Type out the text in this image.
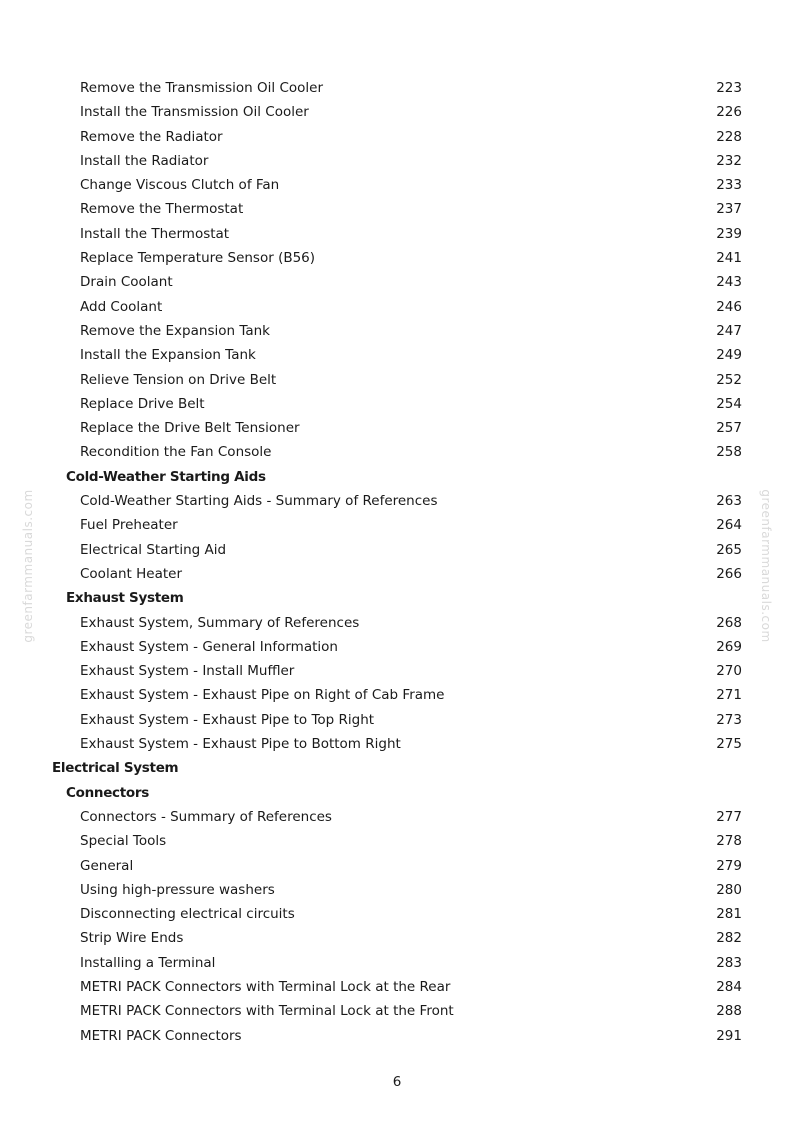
Remove the Transmission Oil Cooler	223
Install the Transmission Oil Cooler	226
Remove the Radiator	228
Install the Radiator	232
Change Viscous Clutch of Fan	233
Remove the Thermostat	237
Install the Thermostat	239
Replace Temperature Sensor (B56)	241
Drain Coolant	243
Add Coolant	246
Remove the Expansion Tank	247
Install the Expansion Tank	249
Relieve Tension on Drive Belt	252
Replace Drive Belt	254
Replace the Drive Belt Tensioner	257
Recondition the Fan Console	258
Cold-Weather Starting Aids
Cold-Weather Starting Aids - Summary of References	263
Fuel Preheater	264
Electrical Starting Aid	265
Coolant Heater	266
Exhaust System
Exhaust System, Summary of References	268
Exhaust System - General Information	269
Exhaust System - Install Muffler	270
Exhaust System - Exhaust Pipe on Right of Cab Frame	271
Exhaust System - Exhaust Pipe to Top Right	273
Exhaust System - Exhaust Pipe to Bottom Right	275
Electrical System
Connectors
Connectors - Summary of References	277
Special Tools	278
General	279
Using high-pressure washers	280
Disconnecting electrical circuits	281
Strip Wire Ends	282
Installing a Terminal	283
METRI PACK Connectors with Terminal Lock at the Rear	284
METRI PACK Connectors with Terminal Lock at the Front	288
METRI PACK Connectors	291
greenfarmmanuals.com	greenfarmmanuals.com
6
